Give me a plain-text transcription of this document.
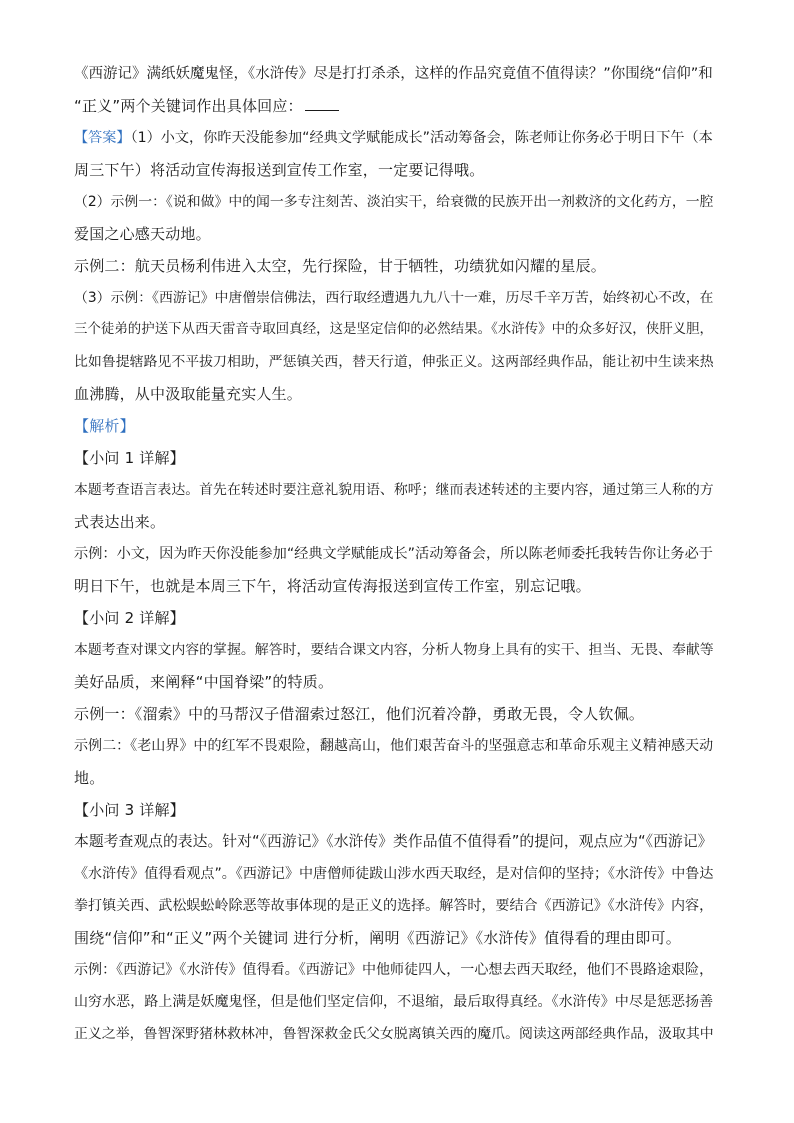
《西游记》满纸妖魔鬼怪，《水浒传》尽是打打杀杀，这样的作品究竟值不值得读？”你围绕“信仰”和
“正义”两个关键词作出具体回应：
【答案】（1）小文，你昨天没能参加“经典文学赋能成长”活动筹备会，陈老师让你务必于明日下午（本
周三下午）将活动宣传海报送到宣传工作室，一定要记得哦。
（2）示例一：《说和做》中的闻一多专注刻苦、淡泊实干，给衰微的民族开出一剂救济的文化药方，一腔
爱国之心感天动地。
示例二：航天员杨利伟进入太空，先行探险，甘于牺牲，功绩犹如闪耀的星辰。
（3）示例：《西游记》中唐僧崇信佛法，西行取经遭遇九九八十一难，历尽千辛万苦，始终初心不改，在
三个徒弟的护送下从西天雷音寺取回真经，这是坚定信仰的必然结果。《水浒传》中的众多好汉，侠肝义胆，
比如鲁提辖路见不平拔刀相助，严惩镇关西，替天行道，伸张正义。这两部经典作品，能让初中生读来热
血沸腾，从中汲取能量充实人生。
【解析】
【小问 1 详解】
本题考查语言表达。首先在转述时要注意礼貌用语、称呼；继而表述转述的主要内容，通过第三人称的方
式表达出来。
示例：小文，因为昨天你没能参加“经典文学赋能成长”活动筹备会，所以陈老师委托我转告你让务必于
明日下午，也就是本周三下午，将活动宣传海报送到宣传工作室，别忘记哦。
【小问 2 详解】
本题考查对课文内容的掌握。解答时，要结合课文内容，分析人物身上具有的实干、担当、无畏、奉献等
美好品质，来阐释“中国脊梁”的特质。
示例一：《溜索》中的马帮汉子借溜索过怒江，他们沉着冷静，勇敢无畏，令人钦佩。
示例二：《老山界》中的红军不畏艰险，翻越高山，他们艰苦奋斗的坚强意志和革命乐观主义精神感天动
地。
【小问 3 详解】
本题考查观点的表达。针对“《西游记》《水浒传》类作品值不值得看”的提问，观点应为“《西游记》
《水浒传》值得看观点”。《西游记》中唐僧师徒跋山涉水西天取经，是对信仰的坚持；《水浒传》中鲁达
拳打镇关西、武松蜈蚣岭除恶等故事体现的是正义的选择。解答时，要结合《西游记》《水浒传》内容，
围绕“信仰”和“正义”两个关键词 进行分析，阐明《西游记》《水浒传》值得看的理由即可。
示例：《西游记》《水浒传》值得看。《西游记》中他师徒四人，一心想去西天取经，他们不畏路途艰险，
山穷水恶，路上满是妖魔鬼怪，但是他们坚定信仰，不退缩，最后取得真经。《水浒传》中尽是惩恶扬善
正义之举，鲁智深野猪林救林冲，鲁智深救金氏父女脱离镇关西的魔爪。阅读这两部经典作品，汲取其中
